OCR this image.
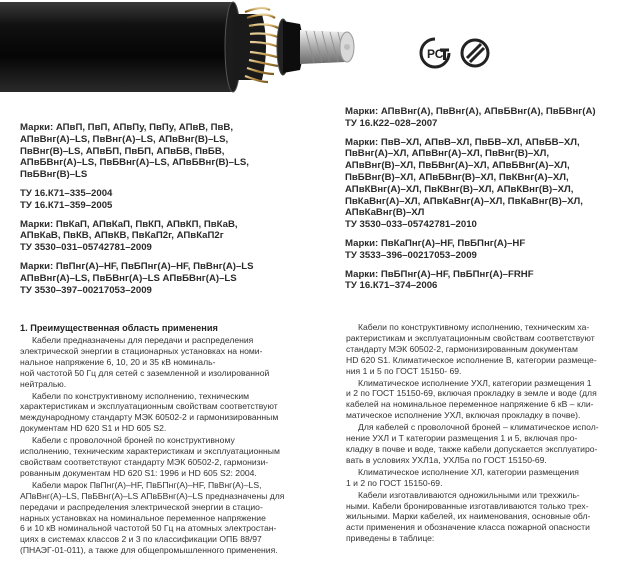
РС
Марки: АПвП, ПвП, АПвПу, ПвПу, АПвВ, ПвВ,
АПвВнг(А)–LS, ПвВнг(А)–LS, АПвВнг(В)–LS,
ПвВнг(В)–LS, АПвБП, ПвБП, АПвБВ, ПвБВ,
АПвБВнг(А)–LS, ПвБВнг(А)–LS, АПвБВнг(В)–LS,
ПвБВнг(В)–LS
ТУ 16.К71–335–2004
ТУ 16.К71–359–2005
Марки: ПвКаП, АПвКаП, ПвКП, АПвКП, ПвКаВ,
АПвКаВ, ПвКВ, АПвКВ, ПвКаП2г, АПвКаП2г
ТУ 3530–031–05742781–2009
Марки: ПвПнг(А)–HF, ПвБПнг(А)–HF, ПвВнг(А)–LS
АПвВнг(А)–LS, ПвБВнг(А)–LS АПвБВнг(А)–LS
ТУ 3530–397–00217053–2009
Марки: АПвВнг(А), ПвВнг(А), АПвБВнг(А), ПвБВнг(А)
ТУ 16.К22–028–2007
Марки: ПвВ–ХЛ, АПвВ–ХЛ, ПвБВ–ХЛ, АПвБВ–ХЛ,
ПвВнг(А)–ХЛ, АПвВнг(А)–ХЛ, ПвВнг(В)–ХЛ,
АПвВнг(В)–ХЛ, ПвБВнг(А)–ХЛ, АПвБВнг(А)–ХЛ,
ПвБВнг(В)–ХЛ, АПвБВнг(В)–ХЛ, ПвКВнг(А)–ХЛ,
АПвКВнг(А)–ХЛ, ПвКВнг(В)–ХЛ, АПвКВнг(В)–ХЛ,
ПвКаВнг(А)–ХЛ, АПвКаВнг(А)–ХЛ, ПвКаВнг(В)–ХЛ,
АПвКаВнг(В)–ХЛ
ТУ 3530–033–05742781–2010
Марки: ПвКаПнг(А)–HF, ПвБПнг(А)–HF
ТУ 3533–396–00217053–2009
Марки: ПвБПнг(А)–HF, ПвБПнг(А)–FRHF
ТУ 16.К71–374–2006
1. Преимущественная область применения
Кабели предназначены для передачи и распределения
электрической энергии в стационарных установках на номи-
нальное напряжение 6, 10, 20 и 35 кВ номиналь-
ной частотой 50 Гц для сетей с заземленной и изолированной
нейтралью.
Кабели по конструктивному исполнению, техническим
характеристикам и эксплуатационным свойствам соответствуют
международному стандарту МЭК 60502-2 и гармонизированным
документам HD 620 S1 и HD 605 S2.
Кабели с проволочной броней по конструктивному
исполнению, техническим характеристикам и эксплуатационным
свойствам соответствуют стандарту МЭК 60502-2, гармонизи-
рованным документам HD 620 S1: 1996 и HD 605 S2: 2004.
Кабели марок ПвПнг(А)–HF, ПвБПнг(А)–HF, ПвВнг(А)–LS,
АПвВнг(А)–LS, ПвБВнг(А)–LS АПвБВнг(А)–LS предназначены для
передачи и распределения электрической энергии в стацио-
нарных установках на номинальное переменное напряжение
6 и 10 кВ номинальной частотой 50 Гц на атомных электростан-
циях в системах классов 2 и 3 по классификации ОПБ 88/97
(ПНАЭГ-01-011), а также для общепромышленного применения.
Кабели по конструктивному исполнению, техническим ха-
рактеристикам и эксплуатационным свойствам соответствуют
стандарту МЭК 60502-2, гармонизированным документам
HD 620 S1. Климатическое исполнение В, категории размеще-
ния 1 и 5 по ГОСТ 15150- 69.
Климатическое исполнение УХЛ, категории размещения 1
и 2 по ГОСТ 15150-69, включая прокладку в земле и воде (для
кабелей на номинальное переменное напряжение 6 кВ – кли-
матическое исполнение УХЛ, включая прокладку в почве).
Для кабелей с проволочной броней – климатическое испол-
нение УХЛ и Т категории размещения 1 и 5, включая про-
кладку в почве и воде, также кабели допускается эксплуатиро-
вать в условиях УХЛ1а, УХЛ5а по ГОСТ 15150-69.
Климатическое исполнение ХЛ, категории размещения
1 и 2 по ГОСТ 15150-69.
Кабели изготавливаются одножильными или трехжиль-
ными. Кабели бронированные изготавливаются только трех-
жильными. Марки кабелей, их наименования, основные обл-
асти применения и обозначение класса пожарной опасности
приведены в таблице:
